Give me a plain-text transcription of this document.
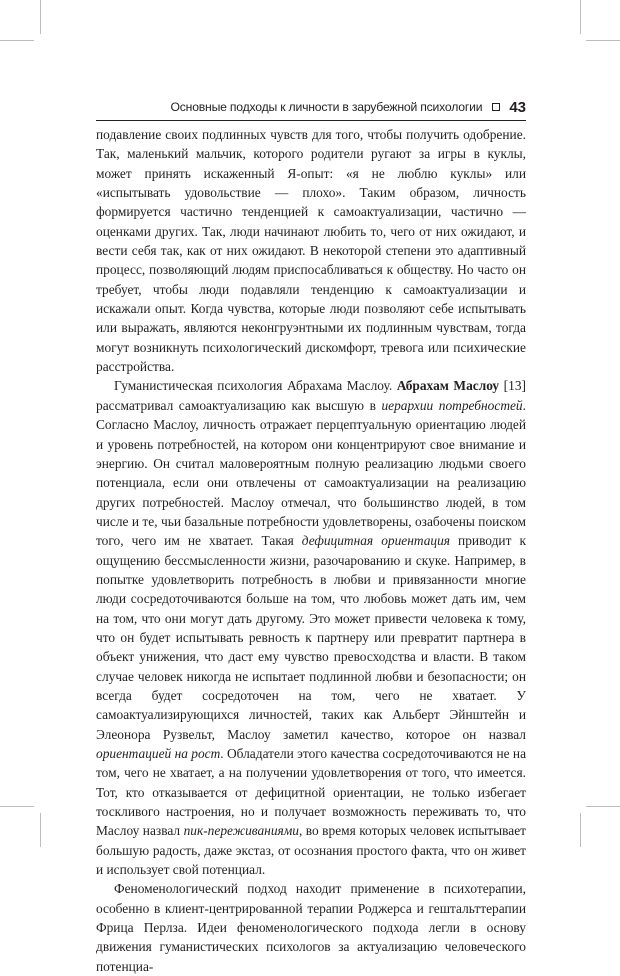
Основные подходы к личности в зарубежной психологии 43

подавление своих подлинных чувств для того, чтобы получить одобрение. Так, маленький мальчик, которого родители ругают за игры в куклы, может принять искаженный Я-опыт: «я не люблю куклы» или «испытывать удовольствие — плохо». Таким образом, личность формируется частично тенденцией к самоактуализации, частично — оценками других. Так, люди начинают любить то, чего от них ожидают, и вести себя так, как от них ожидают. В некоторой степени это адаптивный процесс, позволяющий людям приспосабливаться к обществу. Но часто он требует, чтобы люди подавляли тенденцию к самоактуализации и искажали опыт. Когда чувства, которые люди позволяют себе испытывать или выражать, являются неконгруэнтными их подлинным чувствам, тогда могут возникнуть психологический дискомфорт, тревога или психические расстройства.

Гуманистическая психология Абрахама Маслоу. Абрахам Маслоу [13] рассматривал самоактуализацию как высшую в иерархии потребностей. Согласно Маслоу, личность отражает перцептуальную ориентацию людей и уровень потребностей, на котором они концентрируют свое внимание и энергию. Он считал маловероятным полную реализацию людьми своего потенциала, если они отвлечены от самоактуализации на реализацию других потребностей. Маслоу отмечал, что большинство людей, в том числе и те, чьи базальные потребности удовлетворены, озабочены поиском того, чего им не хватает. Такая дефицитная ориентация приводит к ощущению бессмысленности жизни, разочарованию и скуке. Например, в попытке удовлетворить потребность в любви и привязанности многие люди сосредоточиваются больше на том, что любовь может дать им, чем на том, что они могут дать другому. Это может привести человека к тому, что он будет испытывать ревность к партнеру или превратит партнера в объект унижения, что даст ему чувство превосходства и власти. В таком случае человек никогда не испытает подлинной любви и безопасности; он всегда будет сосредоточен на том, чего не хватает. У самоактуализирующихся личностей, таких как Альберт Эйнштейн и Элеонора Рузвельт, Маслоу заметил качество, которое он назвал ориентацией на рост. Обладатели этого качества сосредоточиваются не на том, чего не хватает, а на получении удовлетворения от того, что имеется. Тот, кто отказывается от дефицитной ориентации, не только избегает тоскливого настроения, но и получает возможность переживать то, что Маслоу назвал пик-переживаниями, во время которых человек испытывает большую радость, даже экстаз, от осознания простого факта, что он живет и использует свой потенциал.

Феноменологический подход находит применение в психотерапии, особенно в клиент-центрированной терапии Роджерса и гештальттерапии Фрица Перлза. Идеи феноменологического подхода легли в основу движения гуманистических психологов за актуализацию человеческого потенциа-
